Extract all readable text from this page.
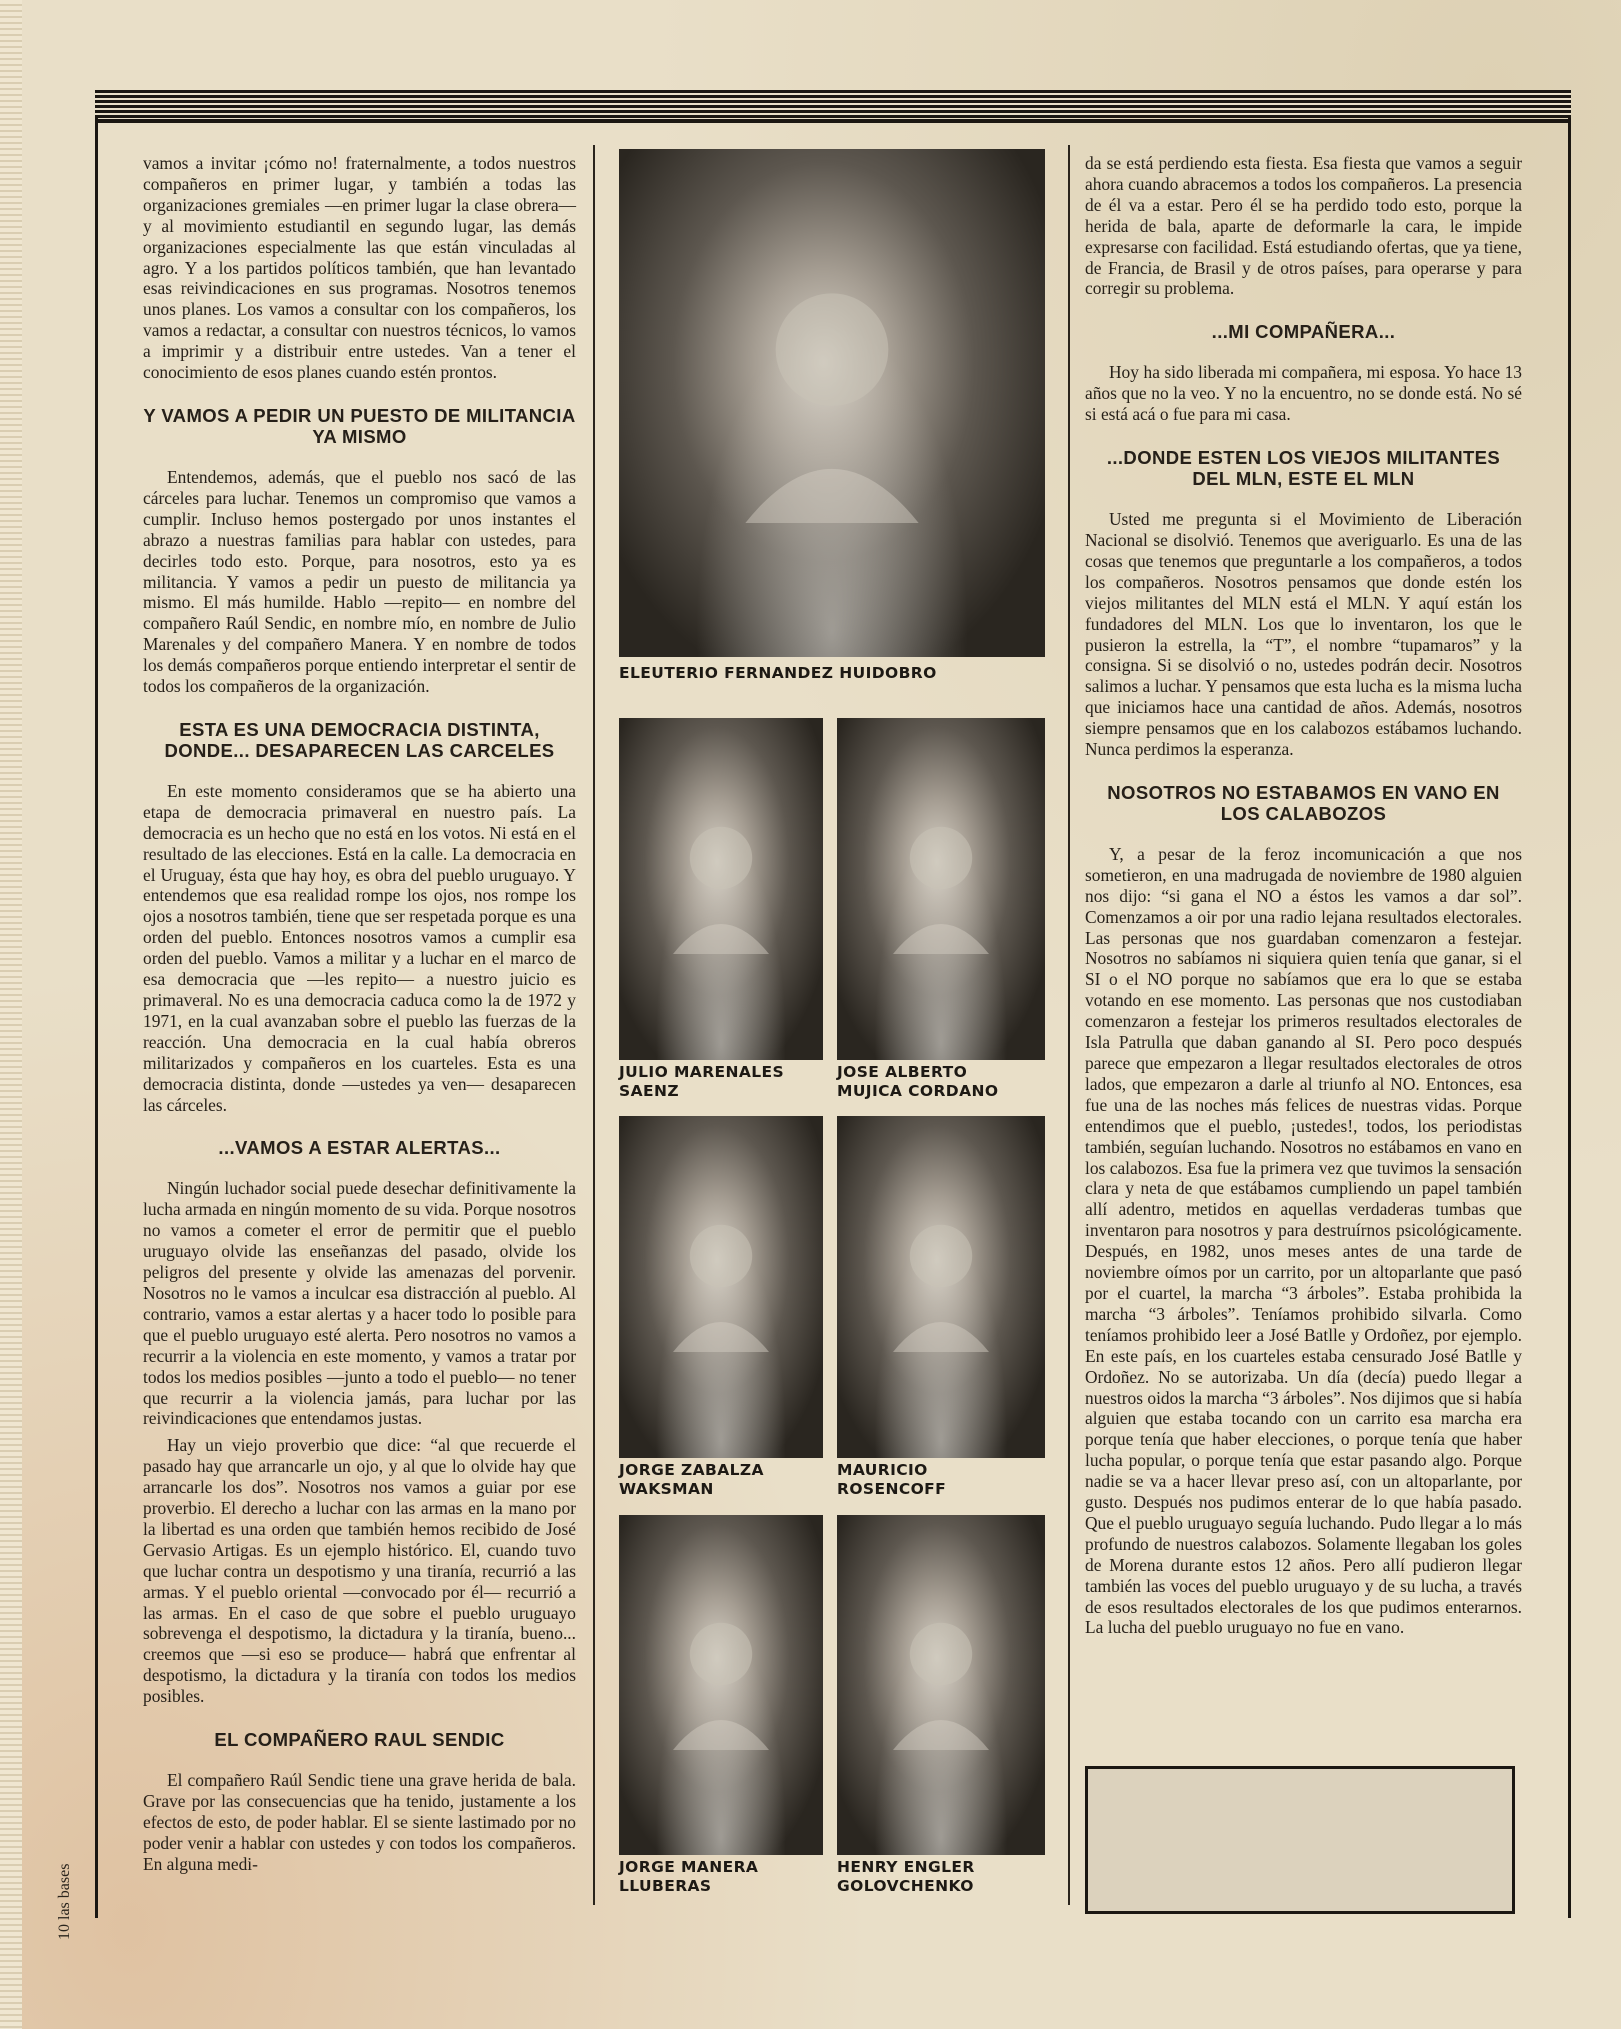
vamos a invitar ¡cómo no! fraternalmente, a todos nuestros compañeros en primer lugar, y también a todas las organizaciones gremiales —en primer lugar la clase obrera— y al movimiento estudiantil en segundo lugar, las demás organizaciones especialmente las que están vinculadas al agro. Y a los partidos políticos también, que han levantado esas reivindicaciones en sus programas. Nosotros tenemos unos planes. Los vamos a consultar con los compañeros, los vamos a redactar, a consultar con nuestros técnicos, lo vamos a imprimir y a distribuir entre ustedes. Van a tener el conocimiento de esos planes cuando estén prontos.

Y VAMOS A PEDIR UN PUESTO DE MILITANCIA YA MISMO

Entendemos, además, que el pueblo nos sacó de las cárceles para luchar. Tenemos un compromiso que vamos a cumplir. Incluso hemos postergado por unos instantes el abrazo a nuestras familias para hablar con ustedes, para decirles todo esto. Porque, para nosotros, esto ya es militancia. Y vamos a pedir un puesto de militancia ya mismo. El más humilde. Hablo —repito— en nombre del compañero Raúl Sendic, en nombre mío, en nombre de Julio Marenales y del compañero Manera. Y en nombre de todos los demás compañeros porque entiendo interpretar el sentir de todos los compañeros de la organización.

ESTA ES UNA DEMOCRACIA DISTINTA, DONDE... DESAPARECEN LAS CARCELES

En este momento consideramos que se ha abierto una etapa de democracia primaveral en nuestro país. La democracia es un hecho que no está en los votos. Ni está en el resultado de las elecciones. Está en la calle. La democracia en el Uruguay, ésta que hay hoy, es obra del pueblo uruguayo. Y entendemos que esa realidad rompe los ojos, nos rompe los ojos a nosotros también, tiene que ser respetada porque es una orden del pueblo. Entonces nosotros vamos a cumplir esa orden del pueblo. Vamos a militar y a luchar en el marco de esa democracia que —les repito— a nuestro juicio es primaveral. No es una democracia caduca como la de 1972 y 1971, en la cual avanzaban sobre el pueblo las fuerzas de la reacción. Una democracia en la cual había obreros militarizados y compañeros en los cuarteles. Esta es una democracia distinta, donde —ustedes ya ven— desaparecen las cárceles.

...VAMOS A ESTAR ALERTAS...

Ningún luchador social puede desechar definitivamente la lucha armada en ningún momento de su vida. Porque nosotros no vamos a cometer el error de permitir que el pueblo uruguayo olvide las enseñanzas del pasado, olvide los peligros del presente y olvide las amenazas del porvenir. Nosotros no le vamos a inculcar esa distracción al pueblo. Al contrario, vamos a estar alertas y a hacer todo lo posible para que el pueblo uruguayo esté alerta. Pero nosotros no vamos a recurrir a la violencia en este momento, y vamos a tratar por todos los medios posibles —junto a todo el pueblo— no tener que recurrir a la violencia jamás, para luchar por las reivindicaciones que entendamos justas.

Hay un viejo proverbio que dice: “al que recuerde el pasado hay que arrancarle un ojo, y al que lo olvide hay que arrancarle los dos”. Nosotros nos vamos a guiar por ese proverbio. El derecho a luchar con las armas en la mano por la libertad es una orden que también hemos recibido de José Gervasio Artigas. Es un ejemplo histórico. El, cuando tuvo que luchar contra un despotismo y una tiranía, recurrió a las armas. Y el pueblo oriental —convocado por él— recurrió a las armas. En el caso de que sobre el pueblo uruguayo sobrevenga el despotismo, la dictadura y la tiranía, bueno... creemos que —si eso se produce— habrá que enfrentar al despotismo, la dictadura y la tiranía con todos los medios posibles.

EL COMPAÑERO RAUL SENDIC

El compañero Raúl Sendic tiene una grave herida de bala. Grave por las consecuencias que ha tenido, justamente a los efectos de esto, de poder hablar. El se siente lastimado por no poder venir a hablar con ustedes y con todos los compañeros. En alguna medi-

ELEUTERIO FERNANDEZ HUIDOBRO
JULIO MARENALES
SAENZ
JOSE ALBERTO
MUJICA CORDANO
JORGE ZABALZA
WAKSMAN
MAURICIO
ROSENCOFF
JORGE MANERA
LLUBERAS
HENRY ENGLER
GOLOVCHENKO

da se está perdiendo esta fiesta. Esa fiesta que vamos a seguir ahora cuando abracemos a todos los compañeros. La presencia de él va a estar. Pero él se ha perdido todo esto, porque la herida de bala, aparte de deformarle la cara, le impide expresarse con facilidad. Está estudiando ofertas, que ya tiene, de Francia, de Brasil y de otros países, para operarse y para corregir su problema.

...MI COMPAÑERA...

Hoy ha sido liberada mi compañera, mi esposa. Yo hace 13 años que no la veo. Y no la encuentro, no se donde está. No sé si está acá o fue para mi casa.

...DONDE ESTEN LOS VIEJOS MILITANTES DEL MLN, ESTE EL MLN

Usted me pregunta si el Movimiento de Liberación Nacional se disolvió. Tenemos que averiguarlo. Es una de las cosas que tenemos que preguntarle a los compañeros, a todos los compañeros. Nosotros pensamos que donde estén los viejos militantes del MLN está el MLN. Y aquí están los fundadores del MLN. Los que lo inventaron, los que le pusieron la estrella, la “T”, el nombre “tupamaros” y la consigna. Si se disolvió o no, ustedes podrán decir. Nosotros salimos a luchar. Y pensamos que esta lucha es la misma lucha que iniciamos hace una cantidad de años. Además, nosotros siempre pensamos que en los calabozos estábamos luchando. Nunca perdimos la esperanza.

NOSOTROS NO ESTABAMOS EN VANO EN LOS CALABOZOS

Y, a pesar de la feroz incomunicación a que nos sometieron, en una madrugada de noviembre de 1980 alguien nos dijo: “si gana el NO a éstos les vamos a dar sol”. Comenzamos a oir por una radio lejana resultados electorales. Las personas que nos guardaban comenzaron a festejar. Nosotros no sabíamos ni siquiera quien tenía que ganar, si el SI o el NO porque no sabíamos que era lo que se estaba votando en ese momento. Las personas que nos custodiaban comenzaron a festejar los primeros resultados electorales de Isla Patrulla que daban ganando al SI. Pero poco después parece que empezaron a llegar resultados electorales de otros lados, que empezaron a darle al triunfo al NO. Entonces, esa fue una de las noches más felices de nuestras vidas. Porque entendimos que el pueblo, ¡ustedes!, todos, los periodistas también, seguían luchando. Nosotros no estábamos en vano en los calabozos. Esa fue la primera vez que tuvimos la sensación clara y neta de que estábamos cumpliendo un papel también allí adentro, metidos en aquellas verdaderas tumbas que inventaron para nosotros y para destruírnos psicológicamente. Después, en 1982, unos meses antes de una tarde de noviembre oímos por un carrito, por un altoparlante que pasó por el cuartel, la marcha “3 árboles”. Estaba prohibida la marcha “3 árboles”. Teníamos prohibido silvarla. Como teníamos prohibido leer a José Batlle y Ordoñez, por ejemplo. En este país, en los cuarteles estaba censurado José Batlle y Ordoñez. No se autorizaba. Un día (decía) puedo llegar a nuestros oidos la marcha “3 árboles”. Nos dijimos que si había alguien que estaba tocando con un carrito esa marcha era porque tenía que haber elecciones, o porque tenía que haber lucha popular, o porque tenía que estar pasando algo. Porque nadie se va a hacer llevar preso así, con un altoparlante, por gusto. Después nos pudimos enterar de lo que había pasado. Que el pueblo uruguayo seguía luchando. Pudo llegar a lo más profundo de nuestros calabozos. Solamente llegaban los goles de Morena durante estos 12 años. Pero allí pudieron llegar también las voces del pueblo uruguayo y de su lucha, a través de esos resultados electorales de los que pudimos enterarnos. La lucha del pueblo uruguayo no fue en vano.

10 las bases
